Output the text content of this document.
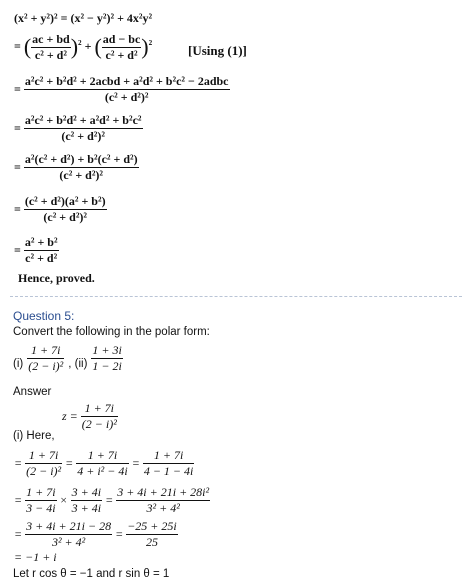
(x² + y²)² = (x² − y²)² + 4x²y²
= ( $\frac{ac + bd}{\text{c² + d²}} )^2$ + ( $\frac{ad - bc}{\text{c² + d²}} )^2$
[Using (1)]
= $\frac{\text{a²c² + b²d² + 2acbd + a²d² + b²c² − 2adbc}}{\text{(c² + d²)²}}$
= $\frac{\text{a²c² + b²d² + a²d² + b²c²}}{\text{(c² + d²)²}}$
= $\frac{\text{a²(c² + d²) + b²(c² + d²)}}{\text{(c² + d²)²}}$
= $\frac{\text{(c² + d²)(a² + b²)}}{\text{(c² + d²)²}}$
= $\frac{\text{a² + b²}}{\text{c² + d²}}$
Hence, proved.
Question 5:
Convert the following in the polar form:
$_{(i)} \frac{1 + 7i}{\text{(2 − i)²}} _{, (ii)} \frac{1 + 3i}{1 - 2i}$
Answer
$z = \frac{1 + 7i}{\text{(2 − i)²}}$
(i) Here,
= $\frac{1 + 7i}{\text{(2 − i)²}} = \frac{1 + 7i}{\text{4 + i² − 4i}} = \frac{1 + 7i}{4 - 1 - 4i}$
= $\frac{1 + 7i}{3 - 4i} \times \frac{3 + 4i}{3 + 4i} = \frac{\text{3 + 4i + 21i + 28i²}}{\text{3² + 4²}}$
= $\frac{3 + 4i + 21i - 28}{\text{3² + 4²}} = \frac{-25 + 25i}{25}$
= −1 + i
Let r cos θ = −1 and r sin θ = 1
